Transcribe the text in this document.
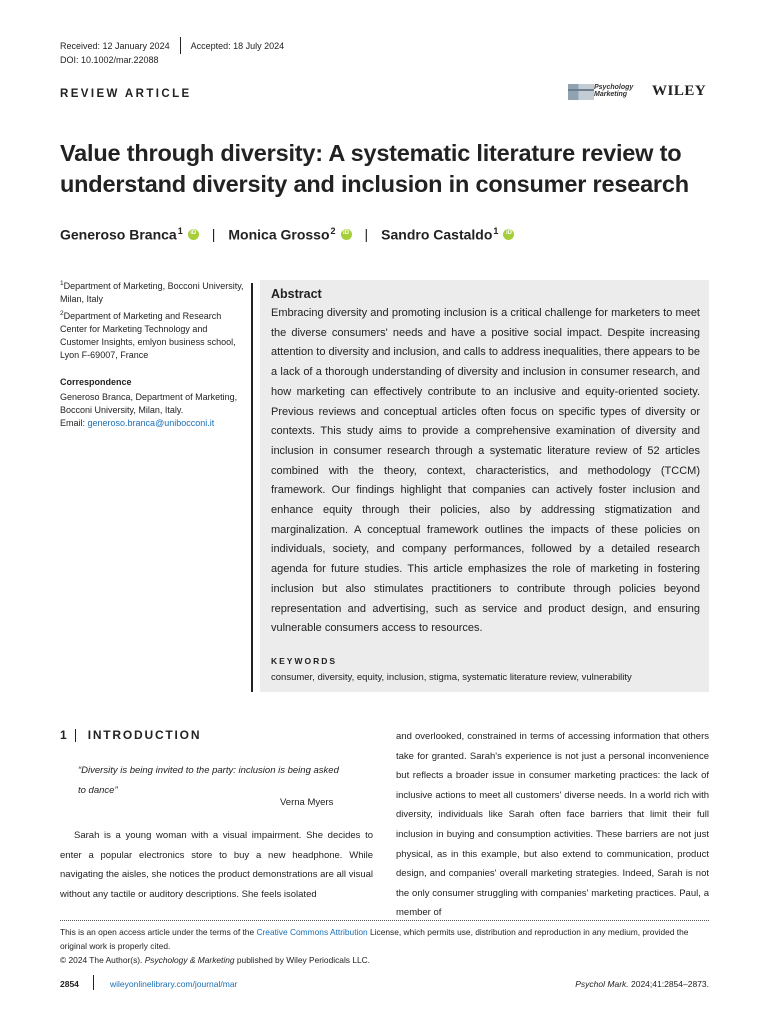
Received: 12 January 2024 Accepted: 18 July 2024
DOI: 10.1002/mar.22088
REVIEW ARTICLE
Psychology
Marketing	WILEY
Value through diversity: A systematic literature review to understand diversity and inclusion in consumer research
Generoso Branca$^1$ iD | Monica Grosso$^2$ iD | Sandro Castaldo$^1$
iD
$^1$Department of Marketing, Bocconi University, Milan, Italy
$^2$Department of Marketing and Research Center for Marketing Technology and Customer Insights, emlyon business school, Lyon F-69007, France
Correspondence
Generoso Branca, Department of Marketing, Bocconi University, Milan, Italy.
Email: generoso.branca@unibocconi.it
Abstract
Embracing diversity and promoting inclusion is a critical challenge for marketers to meet the diverse consumers' needs and have a positive social impact. Despite increasing attention to diversity and inclusion, and calls to address inequalities, there appears to be a lack of a thorough understanding of diversity and inclusion in consumer research, and how marketing can effectively contribute to an inclusive and equity-oriented society. Previous reviews and conceptual articles often focus on specific types of diversity or contexts. This study aims to provide a comprehensive examination of diversity and inclusion in consumer research through a systematic literature review of 52 articles combined with the theory, context, characteristics, and methodology (TCCM) framework. Our findings highlight that companies can actively foster inclusion and enhance equity through their policies, also by addressing stigmatization and marginalization. A conceptual framework outlines the impacts of these policies on individuals, society, and company performances, followed by a detailed research agenda for future studies. This article emphasizes the role of marketing in fostering inclusion but also stimulates practitioners to contribute through policies beyond representation and advertising, such as service and product design, and ensuring vulnerable consumers access to resources.
KEYWORDS
consumer, diversity, equity, inclusion, stigma, systematic literature review, vulnerability
1 INTRODUCTION
“Diversity is being invited to the party: inclusion is being asked to dance”
Verna Myers

Sarah is a young woman with a visual impairment. She decides to enter a popular electronics store to buy a new headphone. While navigating the aisles, she notices the product demonstrations are all visual without any tactile or auditory descriptions. She feels isolated

and overlooked, constrained in terms of accessing information that others take for granted. Sarah's experience is not just a personal inconvenience but reflects a broader issue in consumer marketing practices: the lack of inclusive actions to meet all customers' diverse needs. In a world rich with diversity, individuals like Sarah often face barriers that limit their full inclusion in buying and consumption activities. These barriers are not just physical, as in this example, but also extend to communication, product design, and companies' overall marketing strategies. Indeed, Sarah is not the only consumer struggling with companies' marketing practices. Paul, a member of

This is an open access article under the terms of the Creative Commons Attribution License, which permits use, distribution and reproduction in any medium, provided the original work is properly cited.
© 2024 The Author(s). Psychology & Marketing published by Wiley Periodicals LLC.
2854	wileyonlinelibrary.com/journal/mar	Psychol Mark. 2024;41:2854–2873.
